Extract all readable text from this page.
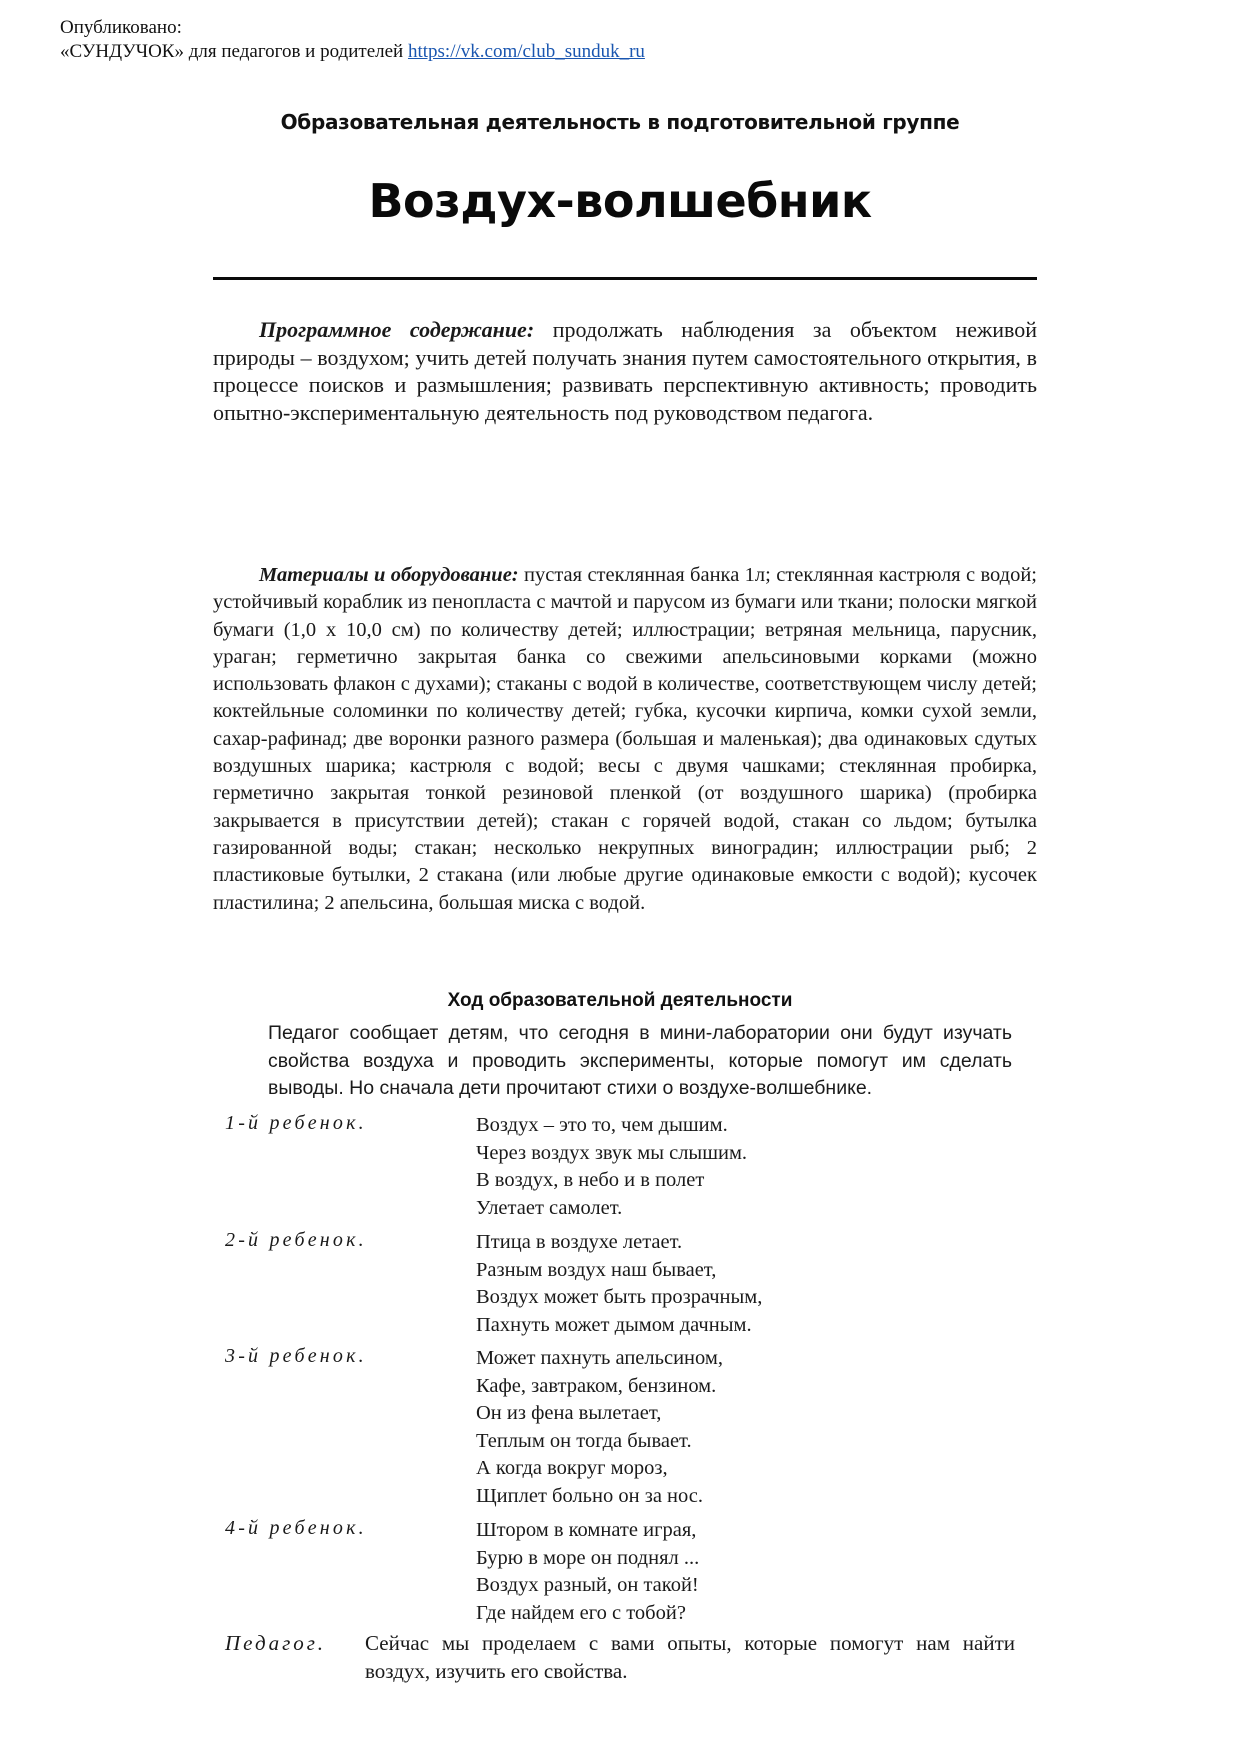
Опубликовано:
«СУНДУЧОК» для педагогов и родителей https://vk.com/club_sunduk_ru
Образовательная деятельность в подготовительной группе
Воздух-волшебник
Программное содержание: продолжать наблюдения за объектом неживой природы – воздухом; учить детей получать знания путем самостоятельного открытия, в процессе поисков и размышления; развивать перспективную активность; проводить опытно-экспериментальную деятельность под руководством педагога.
Материалы и оборудование: пустая стеклянная банка 1л; стеклянная кастрюля с водой; устойчивый кораблик из пенопласта с мачтой и парусом из бумаги или ткани; полоски мягкой бумаги (1,0 х 10,0 см) по количеству детей; иллюстрации; ветряная мельница, парусник, ураган; герметично закрытая банка со свежими апельсиновыми корками (можно использовать флакон с духами); стаканы с водой в количестве, соответствующем числу детей; коктейльные соломинки по количеству детей; губка, кусочки кирпича, комки сухой земли, сахар-рафинад; две воронки разного размера (большая и маленькая); два одинаковых сдутых воздушных шарика; кастрюля с водой; весы с двумя чашками; стеклянная пробирка, герметично закрытая тонкой резиновой пленкой (от воздушного шарика) (пробирка закрывается в присутствии детей); стакан с горячей водой, стакан со льдом; бутылка газированной воды; стакан; несколько некрупных виноградин; иллюстрации рыб; 2 пластиковые бутылки, 2 стакана (или любые другие одинаковые емкости с водой); кусочек пластилина; 2 апельсина, большая миска с водой.
Ход образовательной деятельности
Педагог сообщает детям, что сегодня в мини-лаборатории они будут изучать свойства воздуха и проводить эксперименты, которые помогут им сделать выводы. Но сначала дети прочитают стихи о воздухе-волшебнике.
1-й ребенок.	Воздух – это то, чем дышим.
Через воздух звук мы слышим.
В воздух, в небо и в полет
Улетает самолет.
2-й ребенок.	Птица в воздухе летает.
Разным воздух наш бывает,
Воздух может быть прозрачным,
Пахнуть может дымом дачным.
3-й ребенок.	Может пахнуть апельсином,
Кафе, завтраком, бензином.
Он из фена вылетает,
Теплым он тогда бывает.
А когда вокруг мороз,
Щиплет больно он за нос.
4-й ребенок.	Штором в комнате играя,
Бурю в море он поднял ...
Воздух разный, он такой!
Где найдем его с тобой?
Педагог. Сейчас мы проделаем с вами опыты, которые помогут нам найти воздух, изучить его свойства.
